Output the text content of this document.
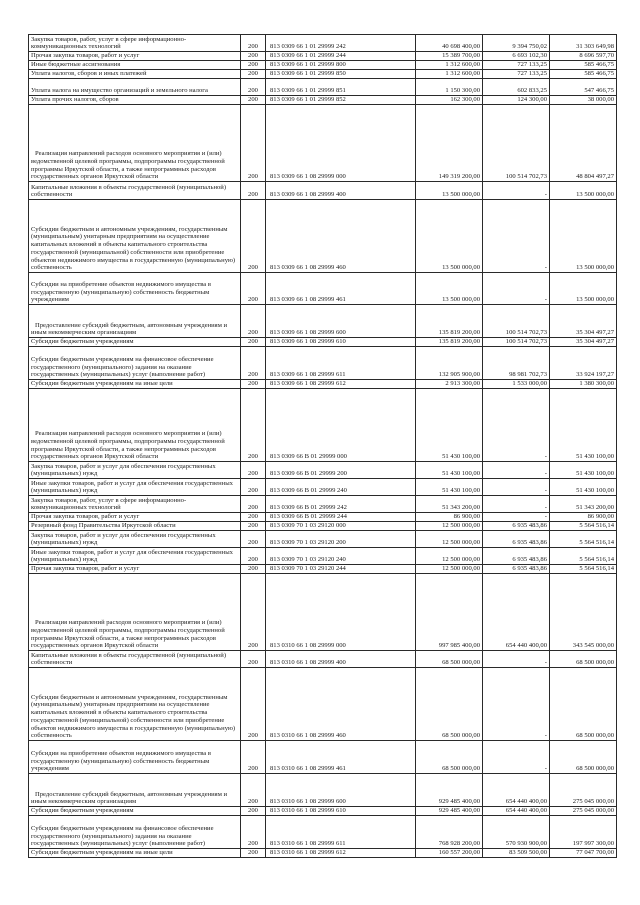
Закупка товаров, работ, услуг в сфере информационно-коммуникационных технологий	200	813 0309 66 1 01 29999 242	40 698 400,00	9 394 750,02	31 303 649,98
Прочая закупка товаров, работ и услуг	200	813 0309 66 1 01 29999 244	15 389 700,00	6 693 102,30	8 696 597,70
Иные бюджетные ассигнования	200	813 0309 66 1 01 29999 800	1 312 600,00	727 133,25	585 466,75
Уплата налогов, сборов и иных платежей	200	813 0309 66 1 01 29999 850	1 312 600,00	727 133,25	585 466,75
Уплата налога на имущество организаций и земельного налога	200	813 0309 66 1 01 29999 851	1 150 300,00	602 833,25	547 466,75
Уплата прочих налогов, сборов	200	813 0309 66 1 01 29999 852	162 300,00	124 300,00	38 000,00
Реализация направлений расходов основного мероприятия и (или) ведомственной целевой программы, подпрограммы государственной программы Иркутской области, а также непрограммных расходов государственных органов Иркутской области	200	813 0309 66 1 08 29999 000	149 319 200,00	100 514 702,73	48 804 497,27
Капитальные вложения в объекты государственной (муниципальной) собственности	200	813 0309 66 1 08 29999 400	13 500 000,00	-	13 500 000,00
Субсидии бюджетным и автономным учреждениям, государственным (муниципальным) унитарным предприятиям на осуществление капитальных вложений в объекты капитального строительства государственной (муниципальной) собственности или приобретение объектов недвижимого имущества в государственную (муниципальную) собственность	200	813 0309 66 1 08 29999 460	13 500 000,00	-	13 500 000,00
Субсидии на приобретение объектов недвижимого имущества в государственную (муниципальную) собственность бюджетным учреждениям	200	813 0309 66 1 08 29999 461	13 500 000,00	-	13 500 000,00
Предоставление субсидий бюджетным, автономным учреждениям и иным некоммерческим организациям	200	813 0309 66 1 08 29999 600	135 819 200,00	100 514 702,73	35 304 497,27
Субсидии бюджетным учреждениям	200	813 0309 66 1 08 29999 610	135 819 200,00	100 514 702,73	35 304 497,27
Субсидии бюджетным учреждениям на финансовое обеспечение государственного (муниципального) задания на оказание государственных (муниципальных) услуг (выполнение работ)	200	813 0309 66 1 08 29999 611	132 905 900,00	98 981 702,73	33 924 197,27
Субсидии бюджетным учреждениям на иные цели	200	813 0309 66 1 08 29999 612	2 913 300,00	1 533 000,00	1 380 300,00
Реализация направлений расходов основного мероприятия и (или) ведомственной целевой программы, подпрограммы государственной программы Иркутской области, а также непрограммных расходов государственных органов Иркутской области	200	813 0309 66 В 01 29999 000	51 430 100,00	-	51 430 100,00
Закупка товаров, работ и услуг для обеспечения государственных (муниципальных) нужд	200	813 0309 66 В 01 29999 200	51 430 100,00	-	51 430 100,00
Иные закупки товаров, работ и услуг для обеспечения государственных (муниципальных) нужд	200	813 0309 66 В 01 29999 240	51 430 100,00	-	51 430 100,00
Закупка товаров, работ, услуг в сфере информационно-коммуникационных технологий	200	813 0309 66 В 01 29999 242	51 343 200,00	-	51 343 200,00
Прочая закупка товаров, работ и услуг	200	813 0309 66 В 01 29999 244	86 900,00	-	86 900,00
Резервный фонд Правительства Иркутской области	200	813 0309 70 1 03 29120 000	12 500 000,00	6 935 483,86	5 564 516,14
Закупка товаров, работ и услуг для обеспечения государственных (муниципальных) нужд	200	813 0309 70 1 03 29120 200	12 500 000,00	6 935 483,86	5 564 516,14
Иные закупки товаров, работ и услуг для обеспечения государственных (муниципальных) нужд	200	813 0309 70 1 03 29120 240	12 500 000,00	6 935 483,86	5 564 516,14
Прочая закупка товаров, работ и услуг	200	813 0309 70 1 03 29120 244	12 500 000,00	6 935 483,86	5 564 516,14
Реализация направлений расходов основного мероприятия и (или) ведомственной целевой программы, подпрограммы государственной программы Иркутской области, а также непрограммных расходов государственных органов Иркутской области	200	813 0310 66 1 08 29999 000	997 985 400,00	654 440 400,00	343 545 000,00
Капитальные вложения в объекты государственной (муниципальной) собственности	200	813 0310 66 1 08 29999 400	68 500 000,00	-	68 500 000,00
Субсидии бюджетным и автономным учреждениям, государственным (муниципальным) унитарным предприятиям на осуществление капитальных вложений в объекты капитального строительства государственной (муниципальной) собственности или приобретение объектов недвижимого имущества в государственную (муниципальную) собственность	200	813 0310 66 1 08 29999 460	68 500 000,00	-	68 500 000,00
Субсидии на приобретение объектов недвижимого имущества в государственную (муниципальную) собственность бюджетным учреждениям	200	813 0310 66 1 08 29999 461	68 500 000,00	-	68 500 000,00
Предоставление субсидий бюджетным, автономным учреждениям и иным некоммерческим организациям	200	813 0310 66 1 08 29999 600	929 485 400,00	654 440 400,00	275 045 000,00
Субсидии бюджетным учреждениям	200	813 0310 66 1 08 29999 610	929 485 400,00	654 440 400,00	275 045 000,00
Субсидии бюджетным учреждениям на финансовое обеспечение государственного (муниципального) задания на оказание государственных (муниципальных) услуг (выполнение работ)	200	813 0310 66 1 08 29999 611	768 928 200,00	570 930 900,00	197 997 300,00
Субсидии бюджетным учреждениям на иные цели	200	813 0310 66 1 08 29999 612	160 557 200,00	83 509 500,00	77 047 700,00
